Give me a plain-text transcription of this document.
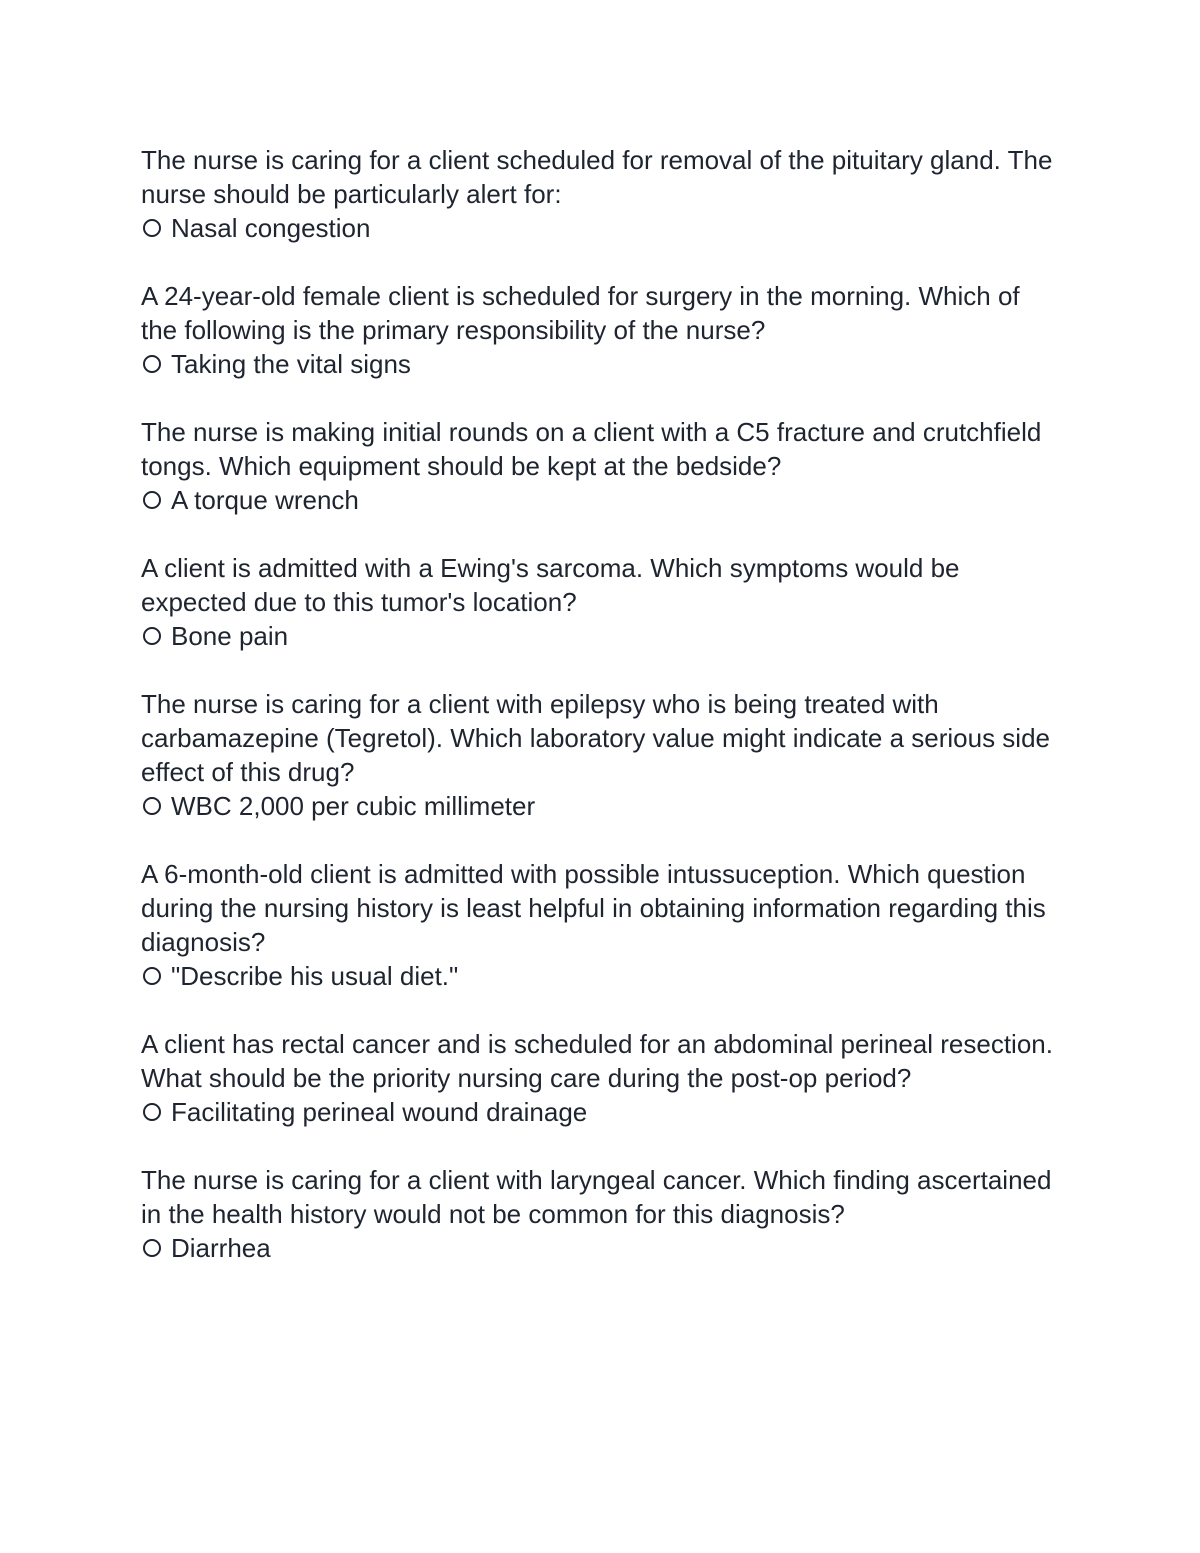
The nurse is caring for a client scheduled for removal of the pituitary gland. The nurse should be particularly alert for:

Nasal congestion

A 24-year-old female client is scheduled for surgery in the morning. Which of the following is the primary responsibility of the nurse?

Taking the vital signs

The nurse is making initial rounds on a client with a C5 fracture and crutchfield tongs. Which equipment should be kept at the bedside?

A torque wrench

A client is admitted with a Ewing's sarcoma. Which symptoms would be expected due to this tumor's location?

Bone pain

The nurse is caring for a client with epilepsy who is being treated with carbamazepine (Tegretol). Which laboratory value might indicate a serious side effect of this drug?

WBC 2,000 per cubic millimeter

A 6-month-old client is admitted with possible intussuception. Which question during the nursing history is least helpful in obtaining information regarding this diagnosis?

"Describe his usual diet."

A client has rectal cancer and is scheduled for an abdominal perineal resection. What should be the priority nursing care during the post-op period?

Facilitating perineal wound drainage

The nurse is caring for a client with laryngeal cancer. Which finding ascertained in the health history would not be common for this diagnosis?

Diarrhea
